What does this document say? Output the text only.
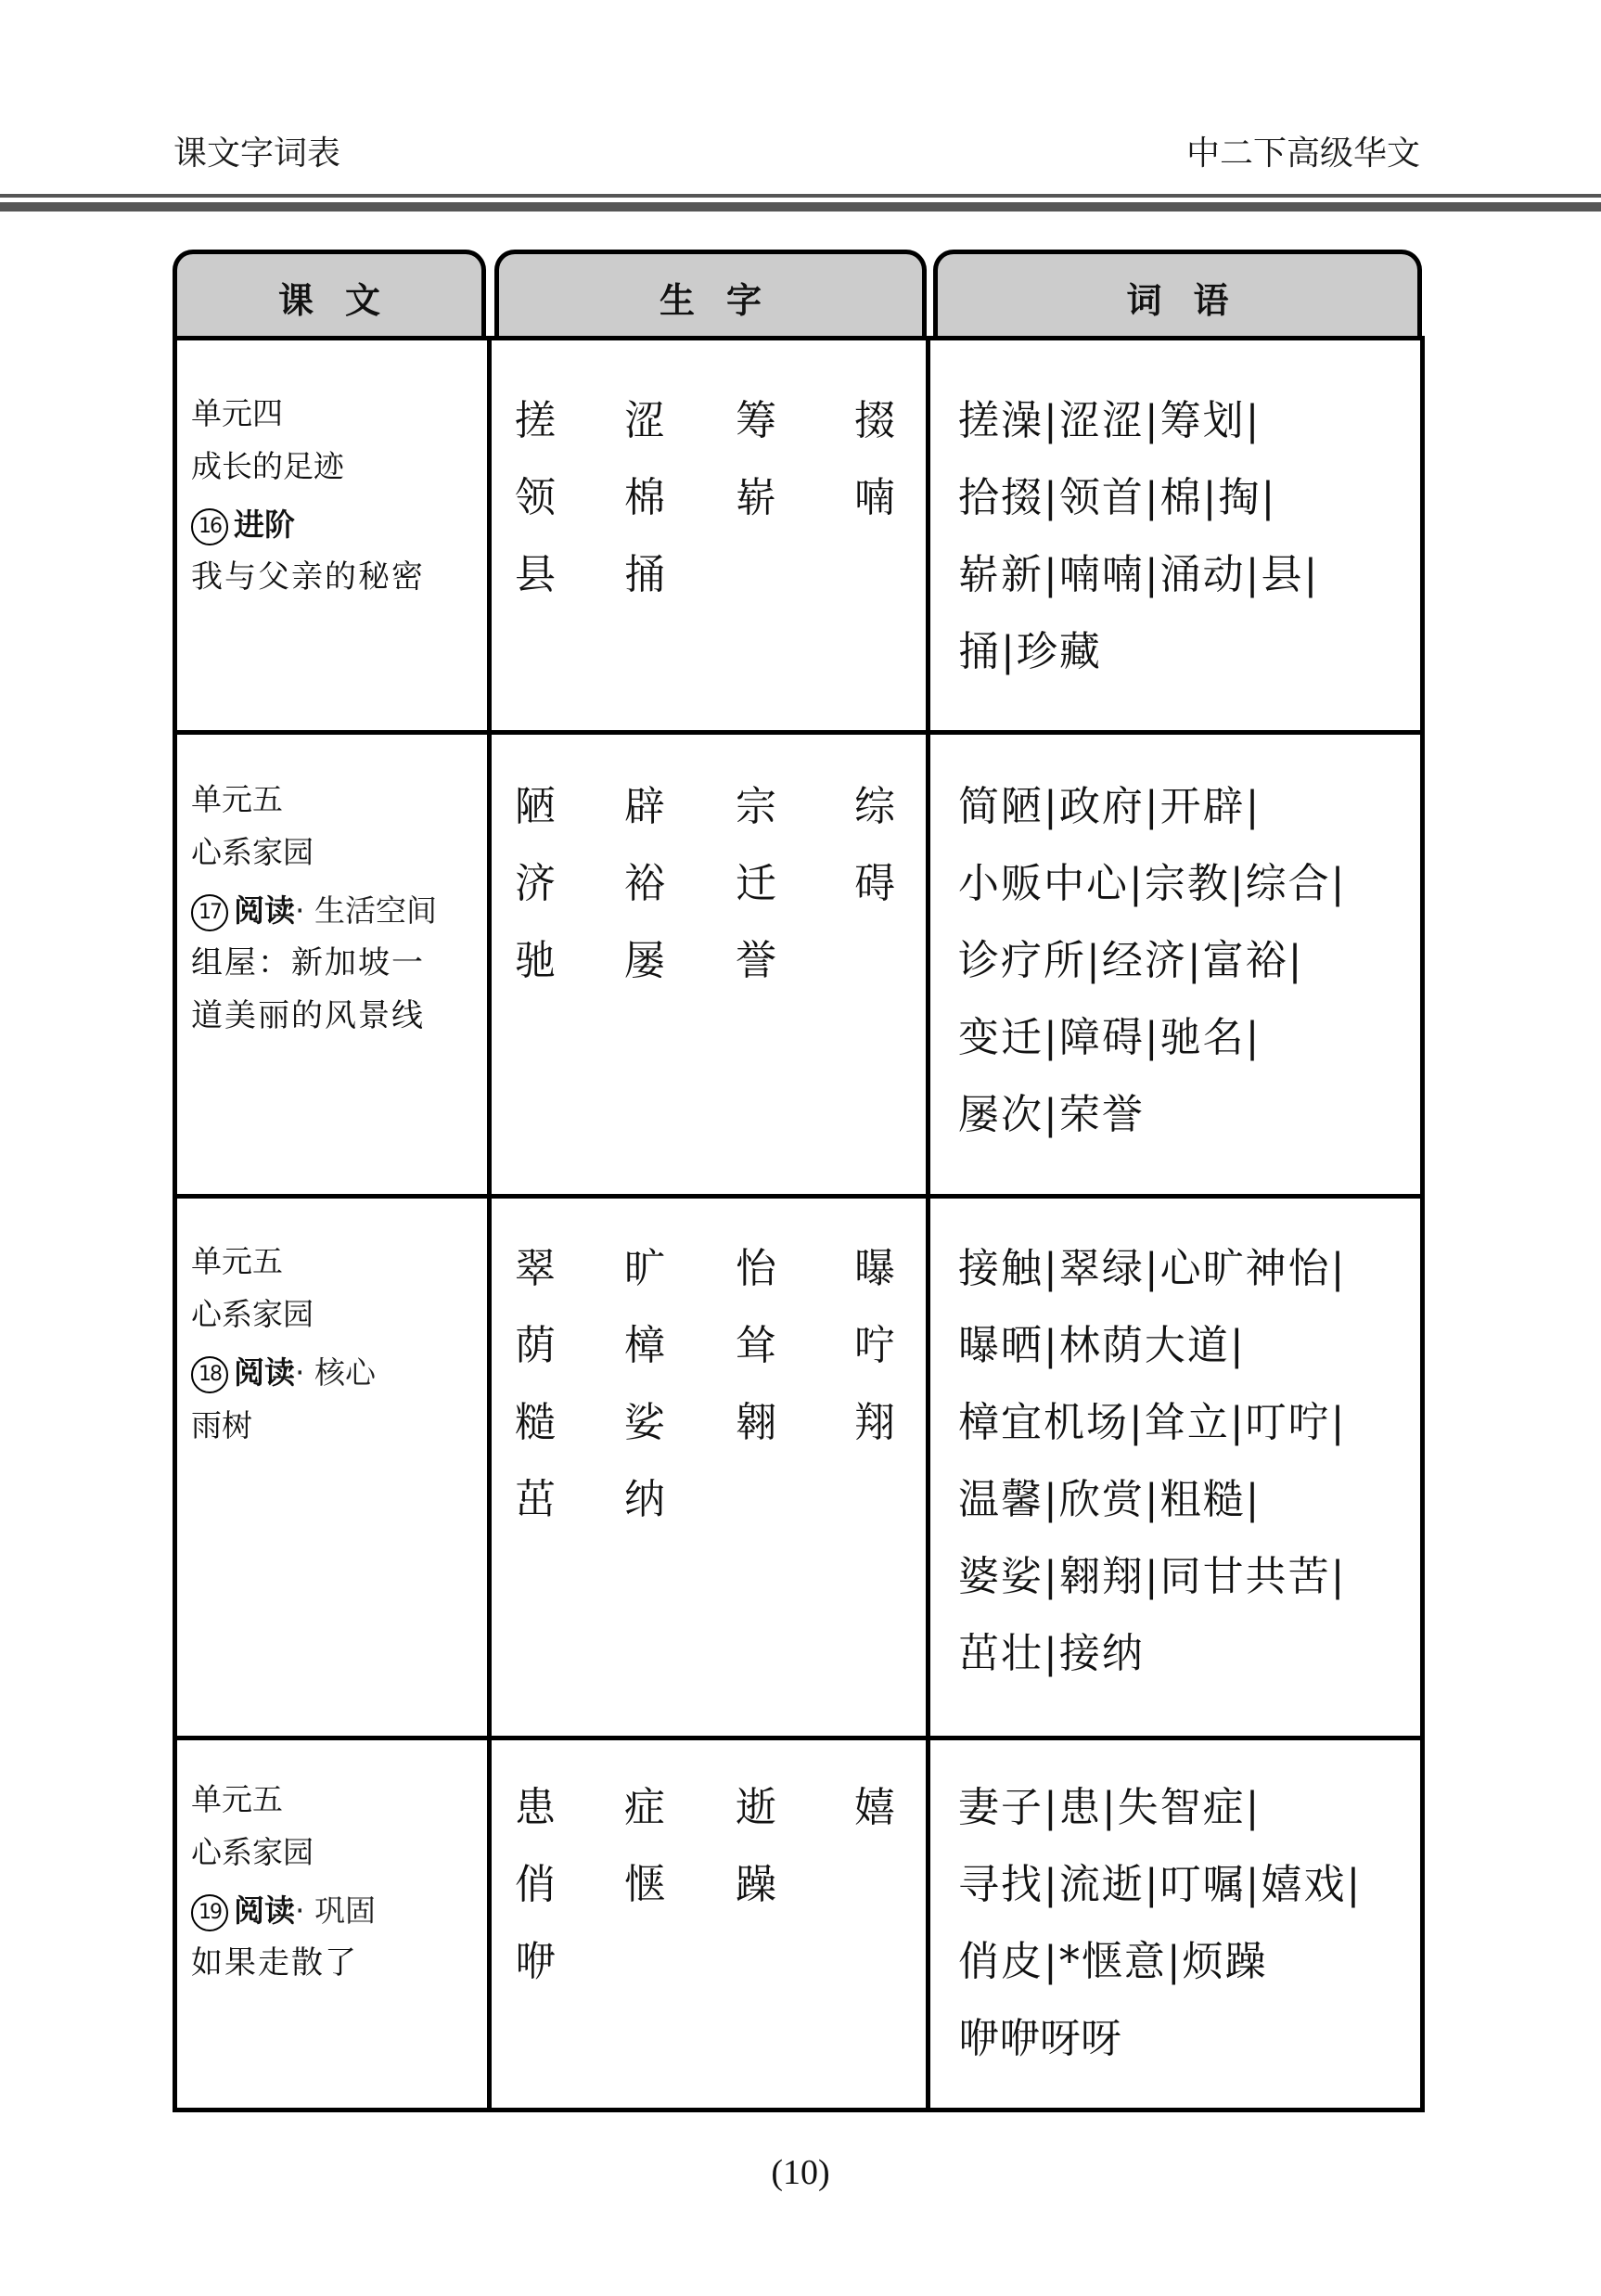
课文字词表	中二下高级华文
课文	生字	词语
单元四
成长的足迹
16 进阶
我与父亲的秘密
搓	涩	筹	掇
领	棉	崭	喃
县	捅
搓澡|涩涩|筹划|
拾掇|领首|棉|掏|
崭新|喃喃|涌动|县|
捅|珍藏
单元五
心系家园
17 阅读· 生活空间
组屋：新加坡一
道美丽的风景线
陋	辟	宗	综
济	裕	迁	碍
驰	屡	誉
简陋|政府|开辟|
小贩中心|宗教|综合|
诊疗所|经济|富裕|
变迁|障碍|驰名|
屡次|荣誉
单元五
心系家园
18 阅读· 核心
雨树
翠	旷	怡	曝
荫	樟	耸	咛
糙	娑	翱	翔
茁	纳
接触|翠绿|心旷神怡|
曝晒|林荫大道|
樟宜机场|耸立|叮咛|
温馨|欣赏|粗糙|
婆娑|翱翔|同甘共苦|
茁壮|接纳
单元五
心系家园
19 阅读· 巩固
如果走散了
患	症	逝	嬉
俏	惬	躁
咿
妻子|患|失智症|
寻找|流逝|叮嘱|嬉戏|
俏皮|*惬意|烦躁
咿咿呀呀
(10)
